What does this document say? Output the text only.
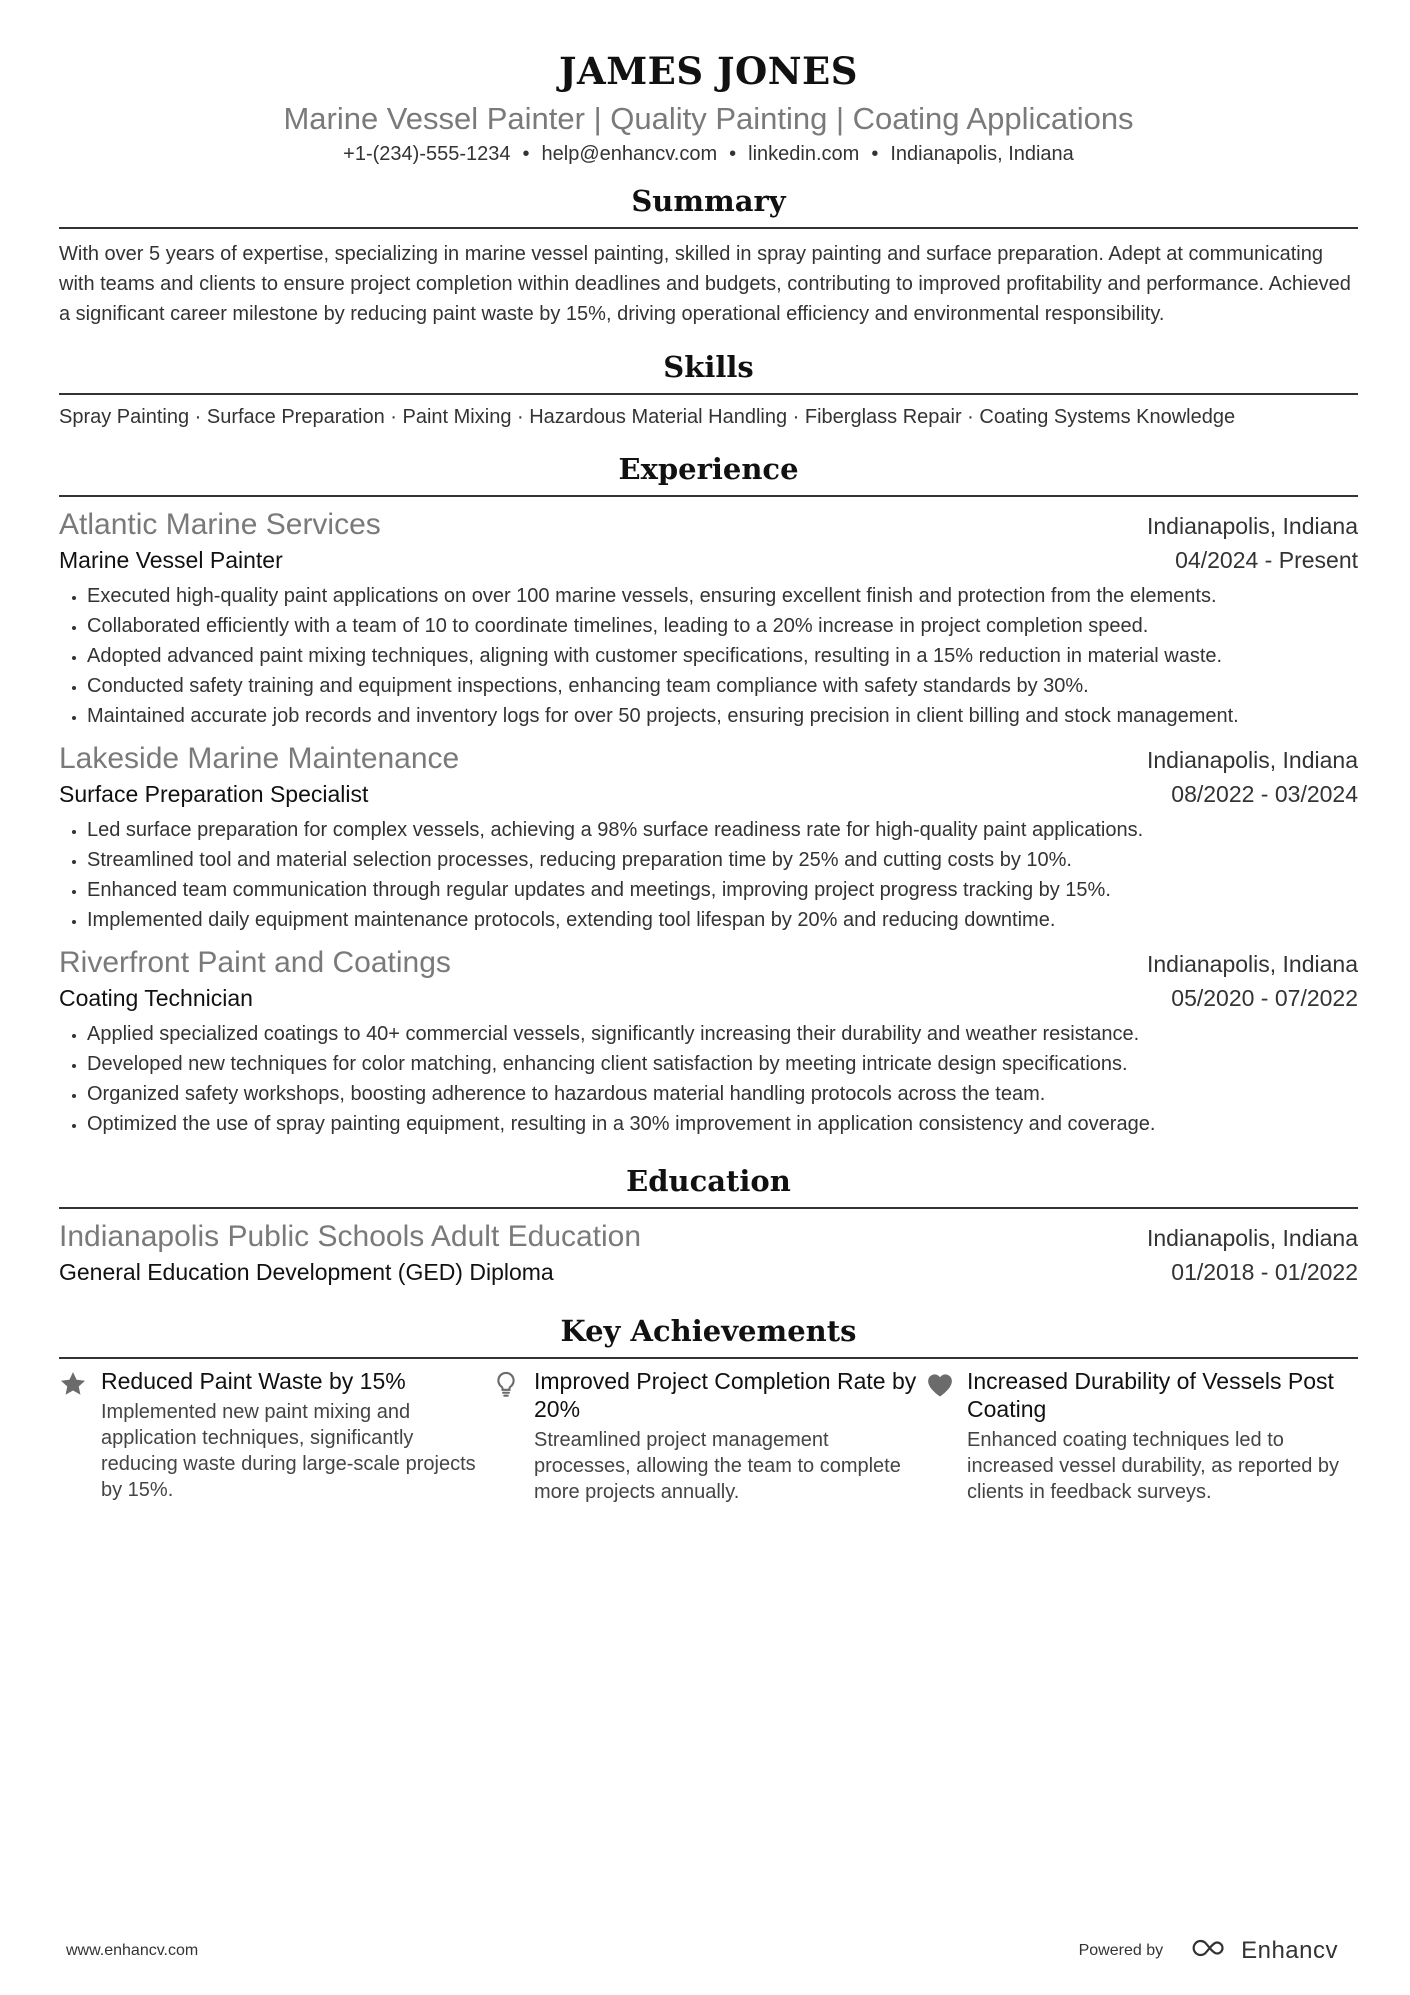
JAMES JONES
Marine Vessel Painter | Quality Painting | Coating Applications
+1-(234)-555-1234 • help@enhancv.com • linkedin.com • Indianapolis, Indiana
Summary
With over 5 years of expertise, specializing in marine vessel painting, skilled in spray painting and surface preparation. Adept at communicating with teams and clients to ensure project completion within deadlines and budgets, contributing to improved profitability and performance. Achieved a significant career milestone by reducing paint waste by 15%, driving operational efficiency and environmental responsibility.
Skills
Spray Painting · Surface Preparation · Paint Mixing · Hazardous Material Handling · Fiberglass Repair · Coating Systems Knowledge
Experience
Atlantic Marine Services	Indianapolis, Indiana
Marine Vessel Painter	04/2024 - Present
• Executed high-quality paint applications on over 100 marine vessels, ensuring excellent finish and protection from the elements.
• Collaborated efficiently with a team of 10 to coordinate timelines, leading to a 20% increase in project completion speed.
• Adopted advanced paint mixing techniques, aligning with customer specifications, resulting in a 15% reduction in material waste.
• Conducted safety training and equipment inspections, enhancing team compliance with safety standards by 30%.
• Maintained accurate job records and inventory logs for over 50 projects, ensuring precision in client billing and stock management.
Lakeside Marine Maintenance	Indianapolis, Indiana
Surface Preparation Specialist	08/2022 - 03/2024
• Led surface preparation for complex vessels, achieving a 98% surface readiness rate for high-quality paint applications.
• Streamlined tool and material selection processes, reducing preparation time by 25% and cutting costs by 10%.
• Enhanced team communication through regular updates and meetings, improving project progress tracking by 15%.
• Implemented daily equipment maintenance protocols, extending tool lifespan by 20% and reducing downtime.
Riverfront Paint and Coatings	Indianapolis, Indiana
Coating Technician	05/2020 - 07/2022
• Applied specialized coatings to 40+ commercial vessels, significantly increasing their durability and weather resistance.
• Developed new techniques for color matching, enhancing client satisfaction by meeting intricate design specifications.
• Organized safety workshops, boosting adherence to hazardous material handling protocols across the team.
• Optimized the use of spray painting equipment, resulting in a 30% improvement in application consistency and coverage.
Education
Indianapolis Public Schools Adult Education	Indianapolis, Indiana
General Education Development (GED) Diploma	01/2018 - 01/2022
Key Achievements
Reduced Paint Waste by 15%
Implemented new paint mixing and application techniques, significantly reducing waste during large-scale projects by 15%.
Improved Project Completion Rate by 20%
Streamlined project management processes, allowing the team to complete more projects annually.
Increased Durability of Vessels Post Coating
Enhanced coating techniques led to increased vessel durability, as reported by clients in feedback surveys.
www.enhancv.com	Powered by	Enhancv
